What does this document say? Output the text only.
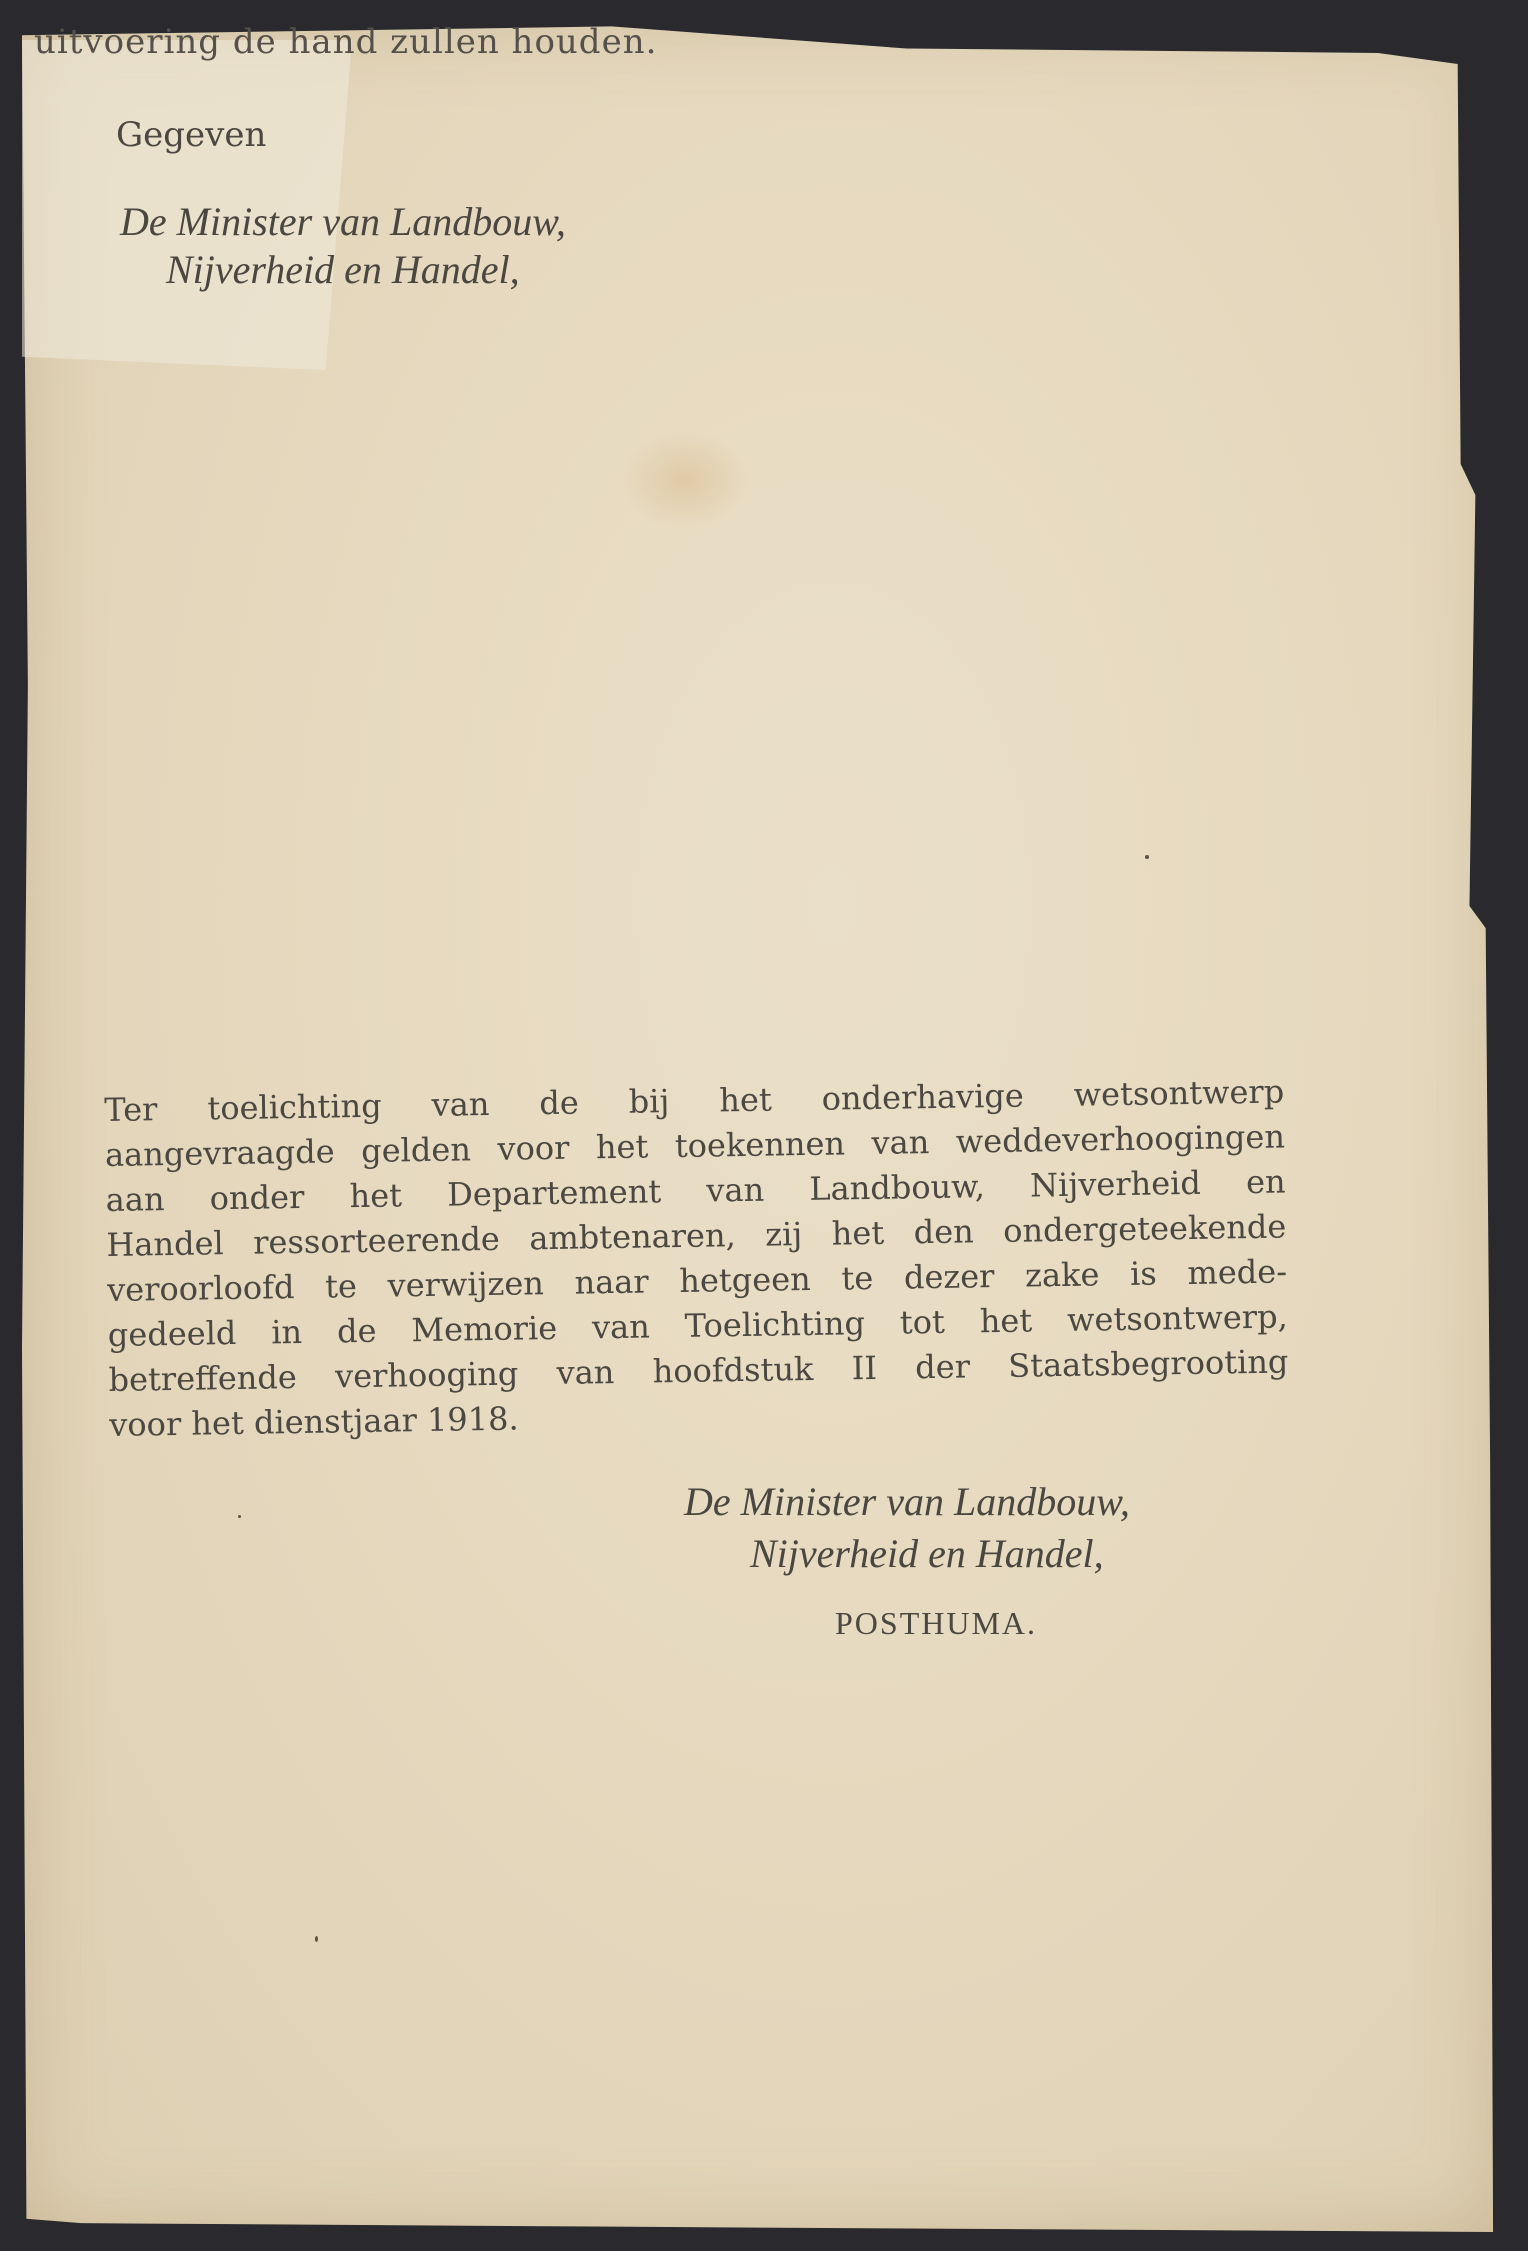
uitvoering de hand zullen houden.
Gegeven
De Minister van Landbouw,
Nijverheid en Handel,
Ter toelichting van de bij het onderhavige wetsontwerp
aangevraagde gelden voor het toekennen van weddeverhoogingen
aan onder het Departement van Landbouw, Nijverheid en
Handel ressorteerende ambtenaren, zij het den ondergeteekende
veroorloofd te verwijzen naar hetgeen te dezer zake is mede-
gedeeld in de Memorie van Toelichting tot het wetsontwerp,
betreffende verhooging van hoofdstuk II der Staatsbegrooting
voor het dienstjaar 1918.
De Minister van Landbouw,
Nijverheid en Handel,
POSTHUMA.
